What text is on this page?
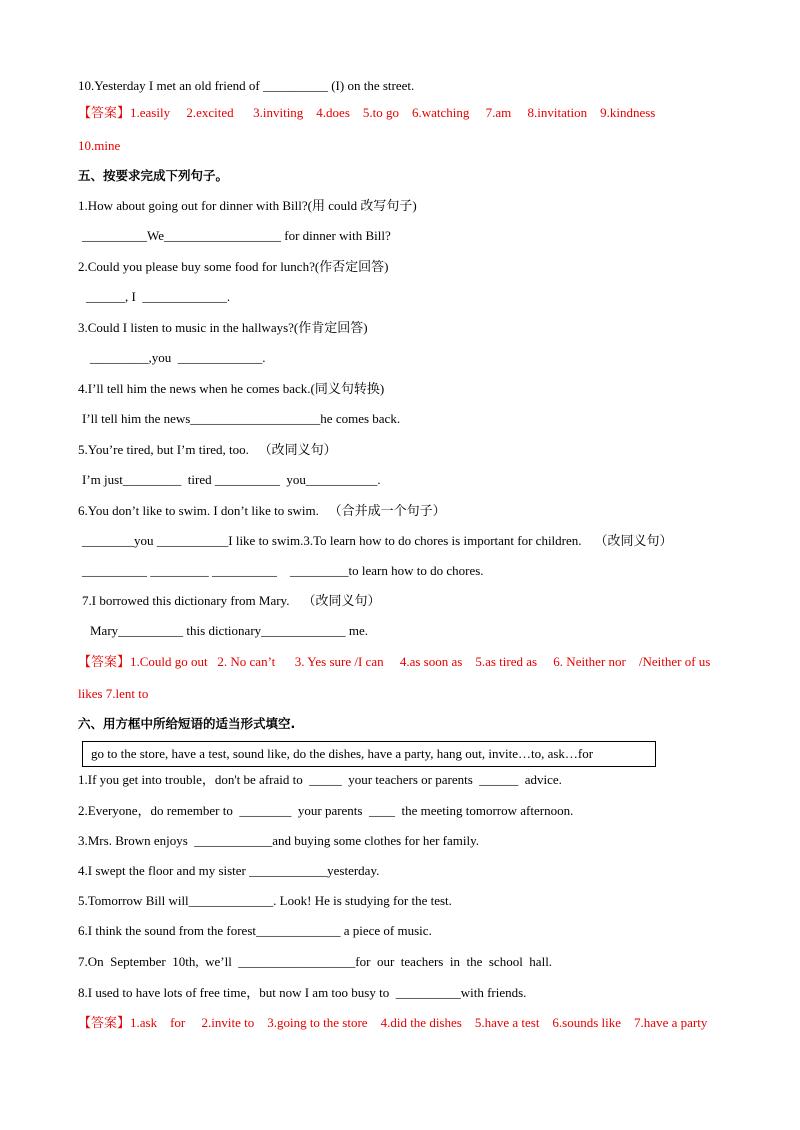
10.Yesterday I met an old friend of __________ (I) on the street.
【答案】1.easily     2.excited      3.inviting    4.does    5.to go    6.watching     7.am     8.invitation    9.kindness
10.mine
五、按要求完成下列句子。
1.How about going out for dinner with Bill?(用 could 改写句子)
__________We__________________ for dinner with Bill?
2.Could you please buy some food for lunch?(作否定回答)
______, I  _____________.
3.Could I listen to music in the hallways?(作肯定回答)
_________,you  _____________.
4.I’ll tell him the news when he comes back.(同义句转换)
I’ll tell him the news____________________he comes back.
5.You’re tired, but I’m tired, too.   （改同义句）
I’m just_________  tired __________  you___________.
6.You don’t like to swim. I don’t like to swim.   （合并成一个句子）
________you ___________I like to swim.3.To learn how to do chores is important for children.    （改同义句）
__________ _________ __________    _________to learn how to do chores.
7.I borrowed this dictionary from Mary.    （改同义句）
Mary__________ this dictionary_____________ me.
【答案】1.Could go out   2. No can’t      3. Yes sure /I can     4.as soon as    5.as tired as     6. Neither nor    /Neither of us
likes 7.lent to
六、用方框中所给短语的适当形式填空.
go to the store, have a test, sound like, do the dishes, have a party, hang out, invite…to, ask…for
1.If you get into trouble，don't be afraid to  _____  your teachers or parents  ______  advice.
2.Everyone，do remember to  ________  your parents  ____  the meeting tomorrow afternoon.
3.Mrs. Brown enjoys  ____________and buying some clothes for her family.
4.I swept the floor and my sister ____________yesterday.
5.Tomorrow Bill will_____________. Look! He is studying for the test.
6.I think the sound from the forest_____________ a piece of music.
7.On  September  10th,  we’ll  __________________for  our  teachers  in  the  school  hall.
8.I used to have lots of free time，but now I am too busy to  __________with friends.
【答案】1.ask    for     2.invite to    3.going to the store    4.did the dishes    5.have a test    6.sounds like    7.have a party
